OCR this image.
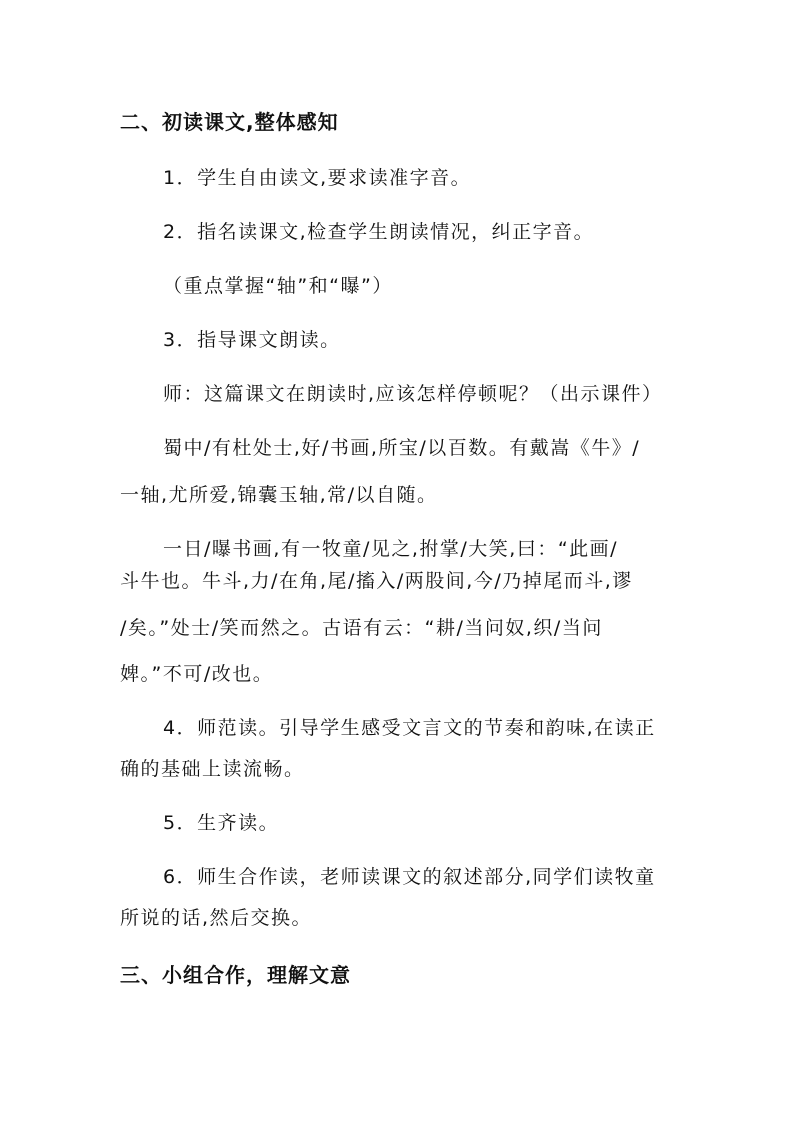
二、初读课文,整体感知
1．学生自由读文,要求读准字音。
2．指名读课文,检查学生朗读情况，纠正字音。
（重点掌握“轴”和“曝”）
3．指导课文朗读。
师：这篇课文在朗读时,应该怎样停顿呢？（出示课件）
蜀中/有杜处士,好/书画,所宝/以百数。有戴嵩《牛》/
一轴,尤所爱,锦囊玉轴,常/以自随。
一日/曝书画,有一牧童/见之,拊掌/大笑,曰：“此画/
斗牛也。牛斗,力/在角,尾/搐入/两股间,今/乃掉尾而斗,谬
/矣。”处士/笑而然之。古语有云：“耕/当问奴,织/当问
婢。”不可/改也。
4．师范读。引导学生感受文言文的节奏和韵味,在读正
确的基础上读流畅。
5．生齐读。
6．师生合作读，老师读课文的叙述部分,同学们读牧童
所说的话,然后交换。
三、小组合作，理解文意
